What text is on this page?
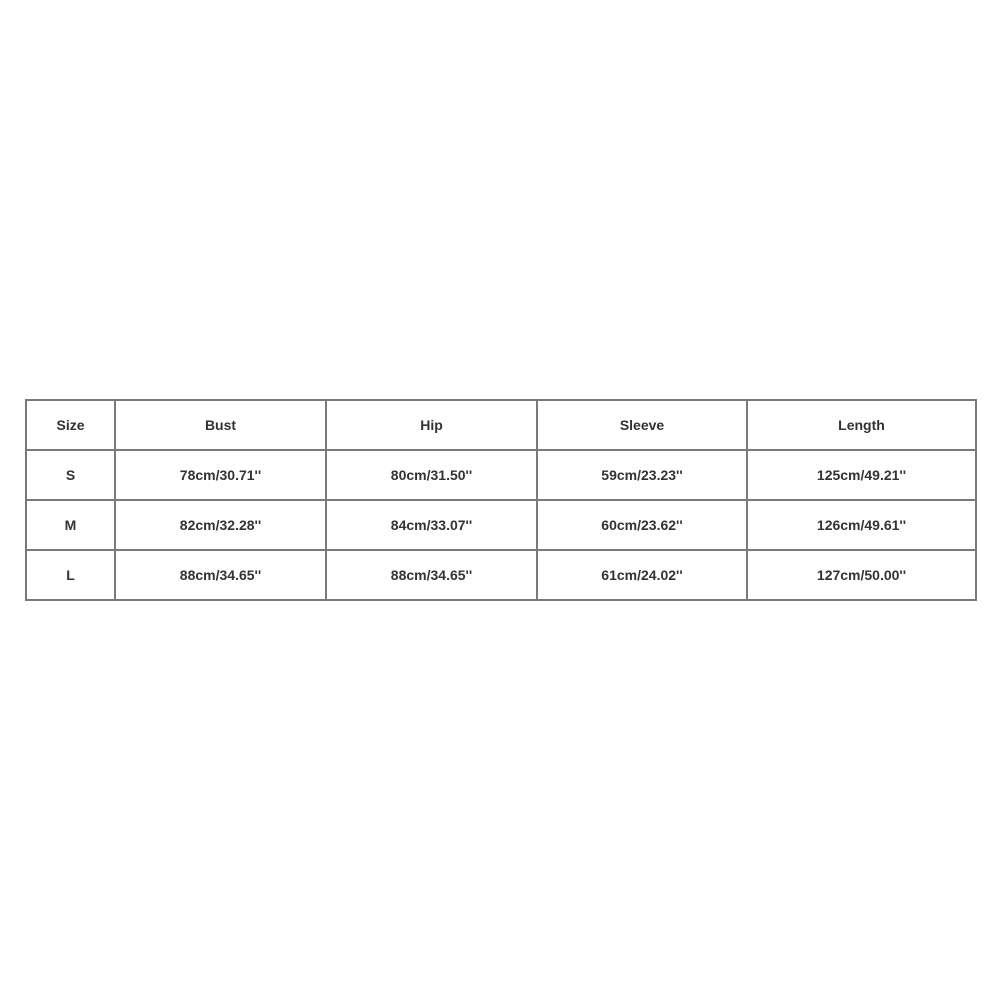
Size	Bust	Hip	Sleeve	Length
S	78cm/30.71''	80cm/31.50''	59cm/23.23''	125cm/49.21''
M	82cm/32.28''	84cm/33.07''	60cm/23.62''	126cm/49.61''
L	88cm/34.65''	88cm/34.65''	61cm/24.02''	127cm/50.00''
